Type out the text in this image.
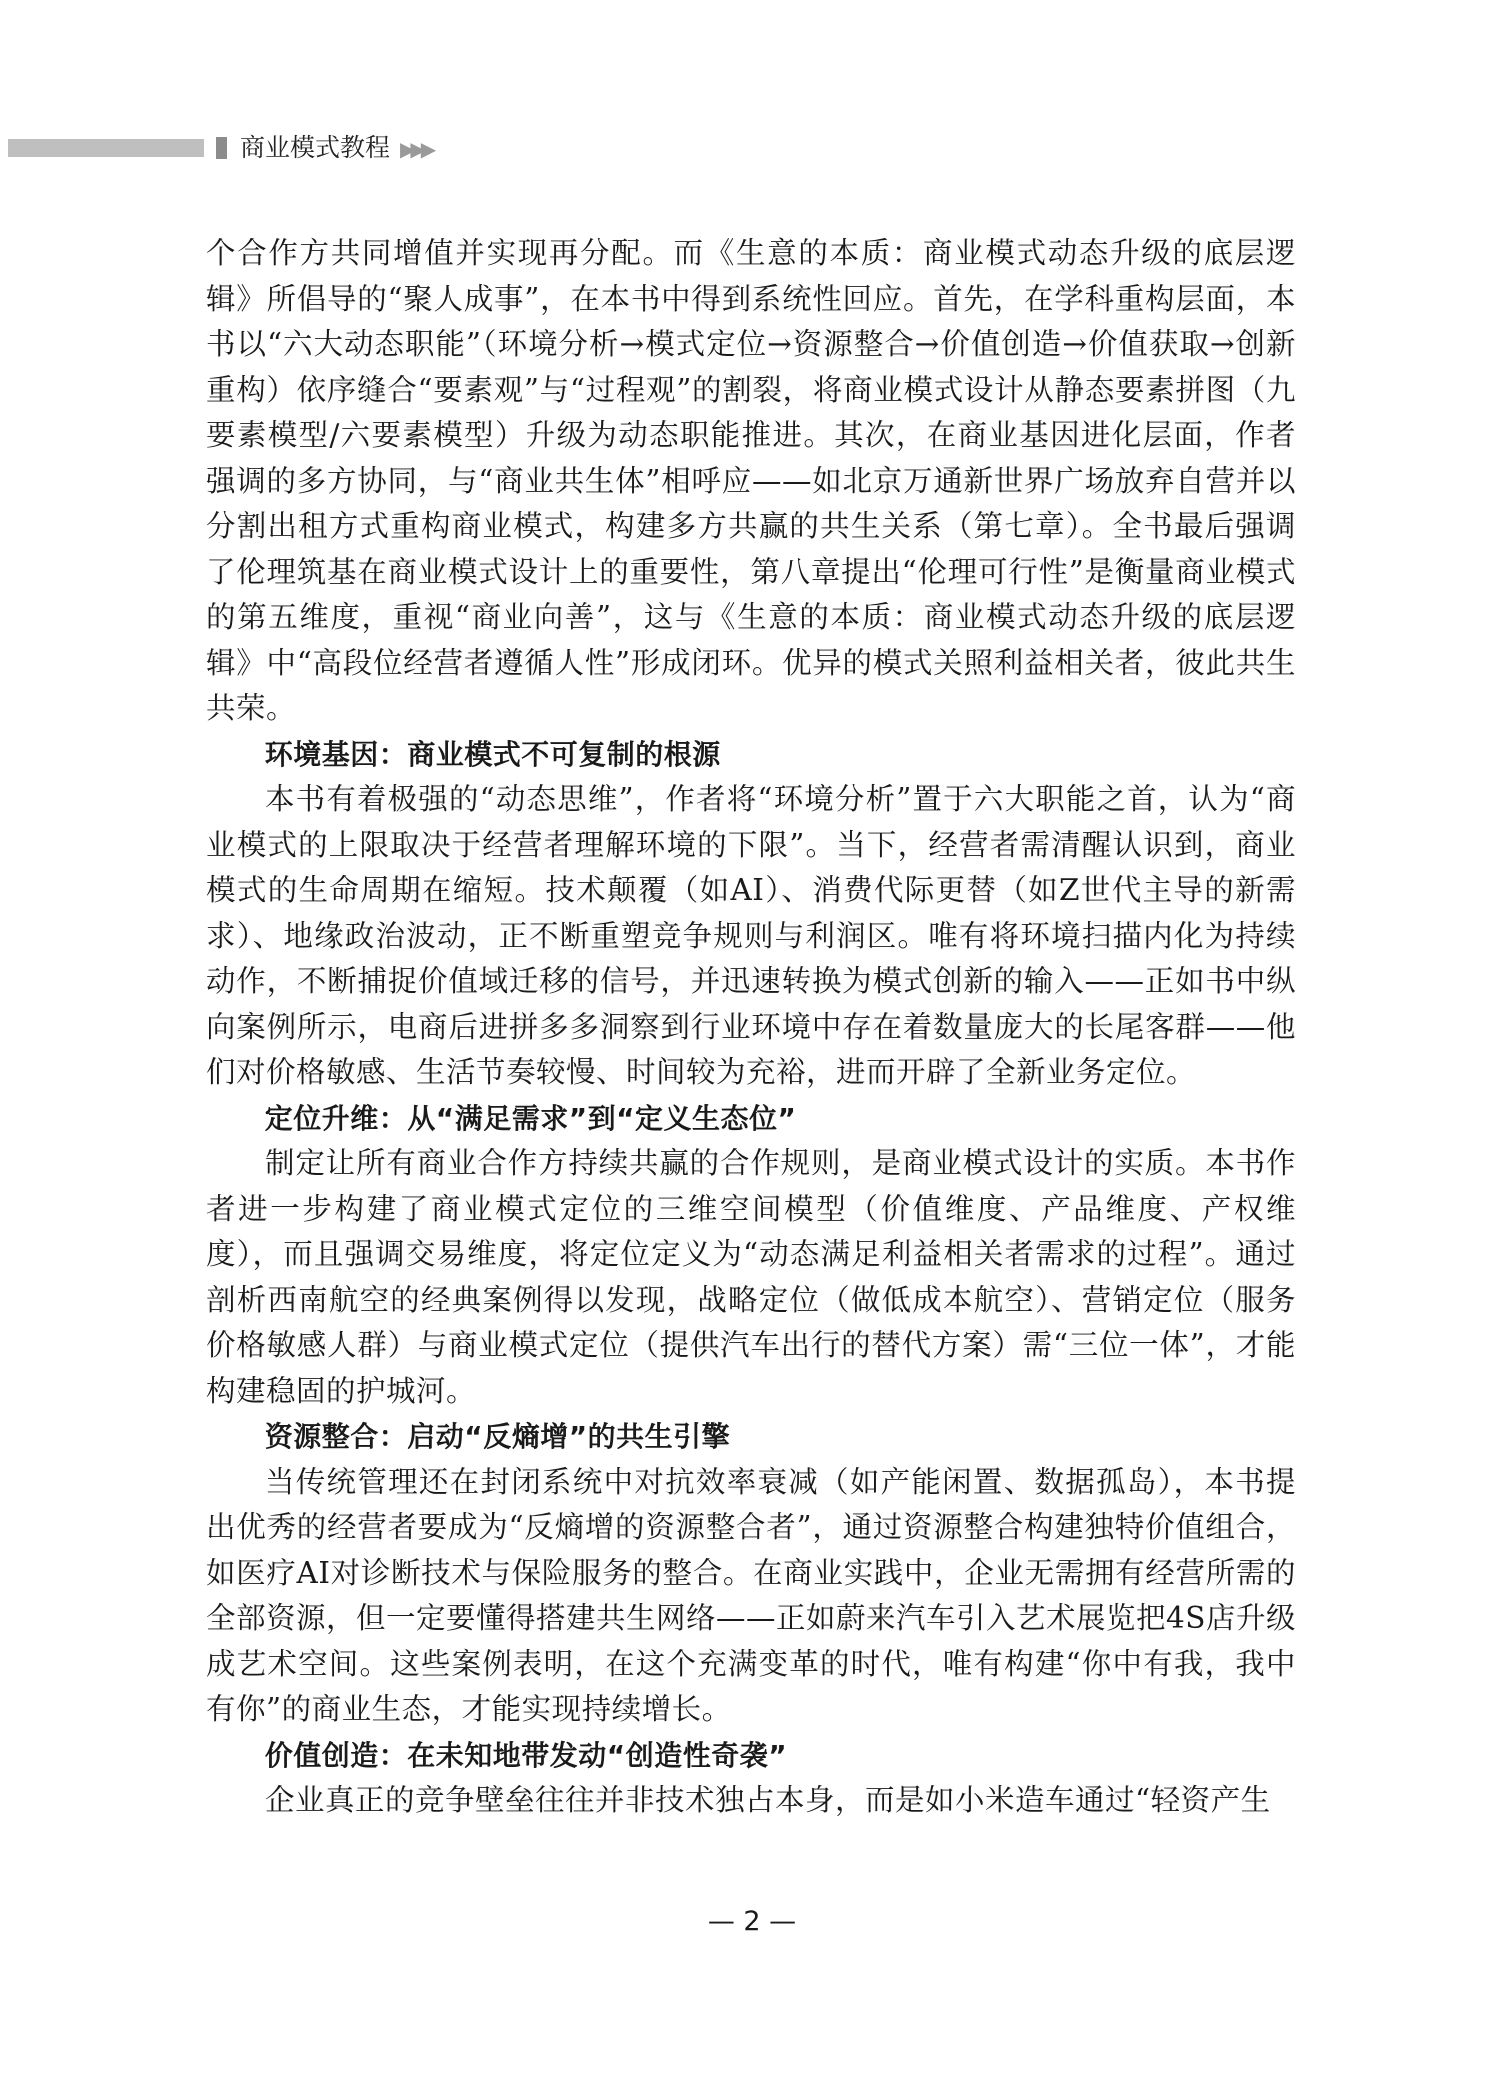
商业模式教程 ▶▶▶

个合作方共同增值并实现再分配。而《生意的本质：商业模式动态升级的底层逻辑》所倡导的“聚人成事”，在本书中得到系统性回应。首先，在学科重构层面，本书以“六大动态职能”（环境分析→模式定位→资源整合→价值创造→价值获取→创新重构）依序缝合“要素观”与“过程观”的割裂，将商业模式设计从静态要素拼图（九要素模型/六要素模型）升级为动态职能推进。其次，在商业基因进化层面，作者强调的多方协同，与“商业共生体”相呼应——如北京万通新世界广场放弃自营并以分割出租方式重构商业模式，构建多方共赢的共生关系（第七章）。全书最后强调了伦理筑基在商业模式设计上的重要性，第八章提出“伦理可行性”是衡量商业模式的第五维度，重视“商业向善”，这与《生意的本质：商业模式动态升级的底层逻辑》中“高段位经营者遵循人性”形成闭环。优异的模式关照利益相关者，彼此共生共荣。

环境基因：商业模式不可复制的根源

本书有着极强的“动态思维”，作者将“环境分析”置于六大职能之首，认为“商业模式的上限取决于经营者理解环境的下限”。当下，经营者需清醒认识到，商业模式的生命周期在缩短。技术颠覆（如AI）、消费代际更替（如Z世代主导的新需求）、地缘政治波动，正不断重塑竞争规则与利润区。唯有将环境扫描内化为持续动作，不断捕捉价值域迁移的信号，并迅速转换为模式创新的输入——正如书中纵向案例所示，电商后进拼多多洞察到行业环境中存在着数量庞大的长尾客群——他们对价格敏感、生活节奏较慢、时间较为充裕，进而开辟了全新业务定位。

定位升维：从“满足需求”到“定义生态位”

制定让所有商业合作方持续共赢的合作规则，是商业模式设计的实质。本书作者进一步构建了商业模式定位的三维空间模型（价值维度、产品维度、产权维度），而且强调交易维度，将定位定义为“动态满足利益相关者需求的过程”。通过剖析西南航空的经典案例得以发现，战略定位（做低成本航空）、营销定位（服务价格敏感人群）与商业模式定位（提供汽车出行的替代方案）需“三位一体”，才能构建稳固的护城河。

资源整合：启动“反熵增”的共生引擎

当传统管理还在封闭系统中对抗效率衰减（如产能闲置、数据孤岛），本书提出优秀的经营者要成为“反熵增的资源整合者”，通过资源整合构建独特价值组合，如医疗AI对诊断技术与保险服务的整合。在商业实践中，企业无需拥有经营所需的全部资源，但一定要懂得搭建共生网络——正如蔚来汽车引入艺术展览把4S店升级成艺术空间。这些案例表明，在这个充满变革的时代，唯有构建“你中有我，我中有你”的商业生态，才能实现持续增长。

价值创造：在未知地带发动“创造性奇袭”

企业真正的竞争壁垒往往并非技术独占本身，而是如小米造车通过“轻资产生

— 2 —
